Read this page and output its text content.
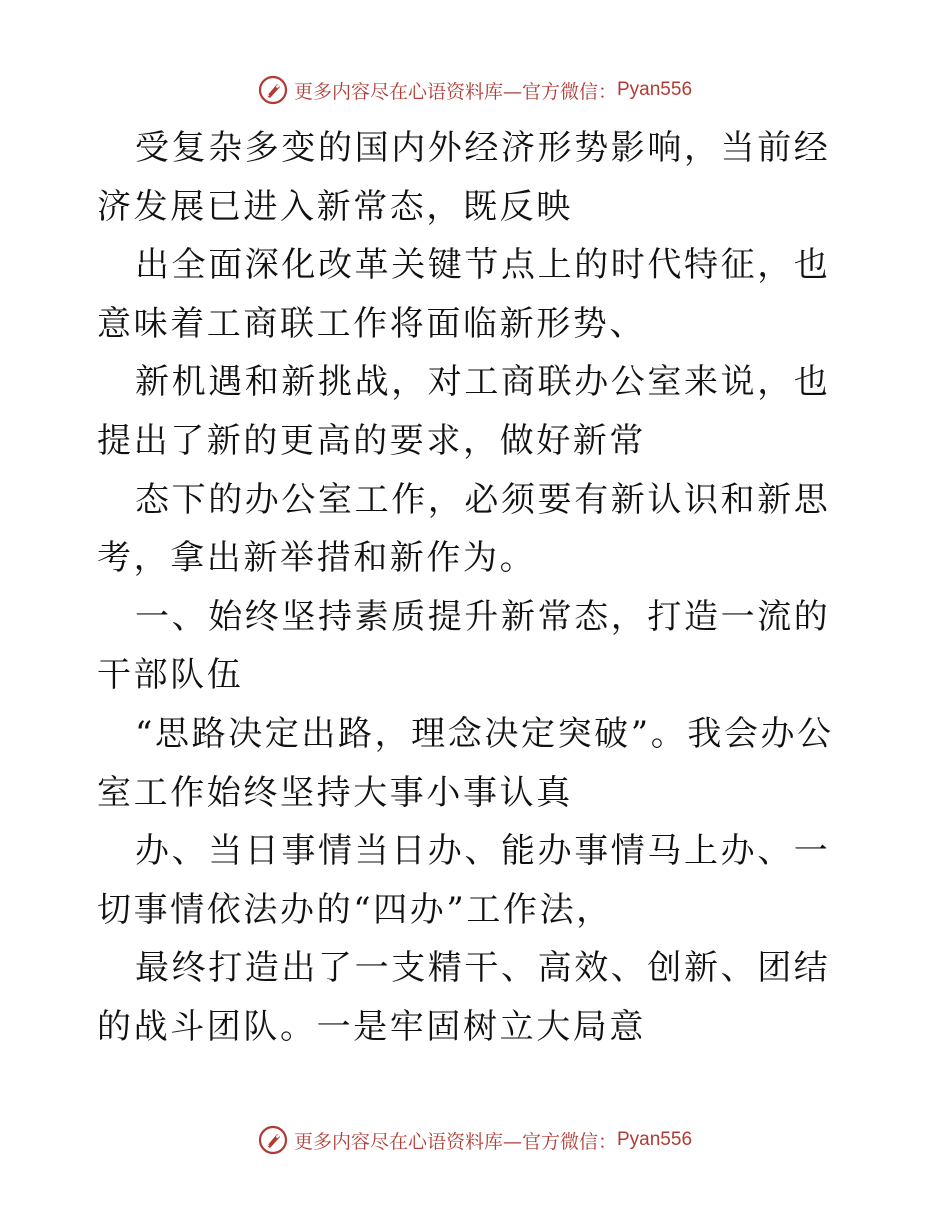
更多内容尽在心语资料库—官方微信： Pyan556

受复杂多变的国内外经济形势影响，当前经济发展已进入新常态，既反映

出全面深化改革关键节点上的时代特征，也意味着工商联工作将面临新形势、

新机遇和新挑战，对工商联办公室来说，也提出了新的更高的要求，做好新常

态下的办公室工作，必须要有新认识和新思考，拿出新举措和新作为。

一、始终坚持素质提升新常态，打造一流的干部队伍

“思路决定出路，理念决定突破”。我会办公室工作始终坚持大事小事认真

办、当日事情当日办、能办事情马上办、一切事情依法办的“四办”工作法，

最终打造出了一支精干、高效、创新、团结的战斗团队。一是牢固树立大局意

更多内容尽在心语资料库—官方微信： Pyan556
